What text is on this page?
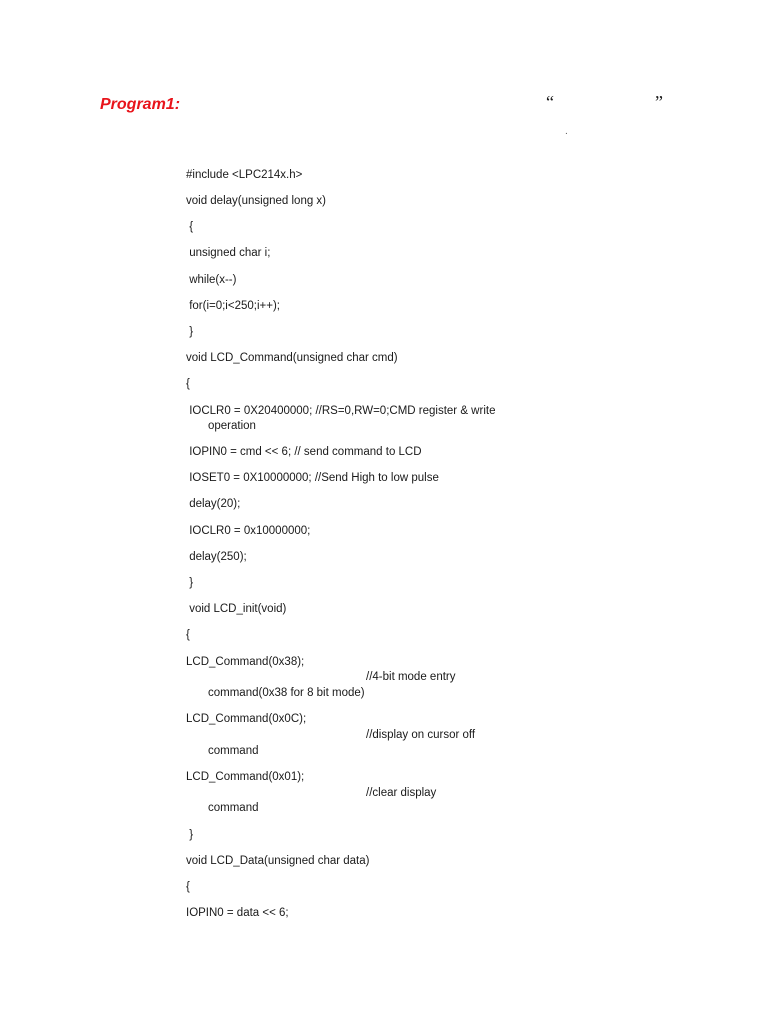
Program1:	“	”
.
#include <LPC214x.h>
void delay(unsigned long x)
{
unsigned char i;
while(x--)
for(i=0;i<250;i++);
}
void LCD_Command(unsigned char cmd)
{
IOCLR0 = 0X20400000; //RS=0,RW=0;CMD register & write
operation
IOPIN0 = cmd << 6; // send command to LCD
IOSET0 = 0X10000000; //Send High to low pulse
delay(20);
IOCLR0 = 0x10000000;
delay(250);
}
void LCD_init(void)
{
LCD_Command(0x38);
//4-bit mode entry
command(0x38 for 8 bit mode)
LCD_Command(0x0C);
//display on cursor off
command
LCD_Command(0x01);
//clear display
command
}
void LCD_Data(unsigned char data)
{
IOPIN0 = data << 6;
